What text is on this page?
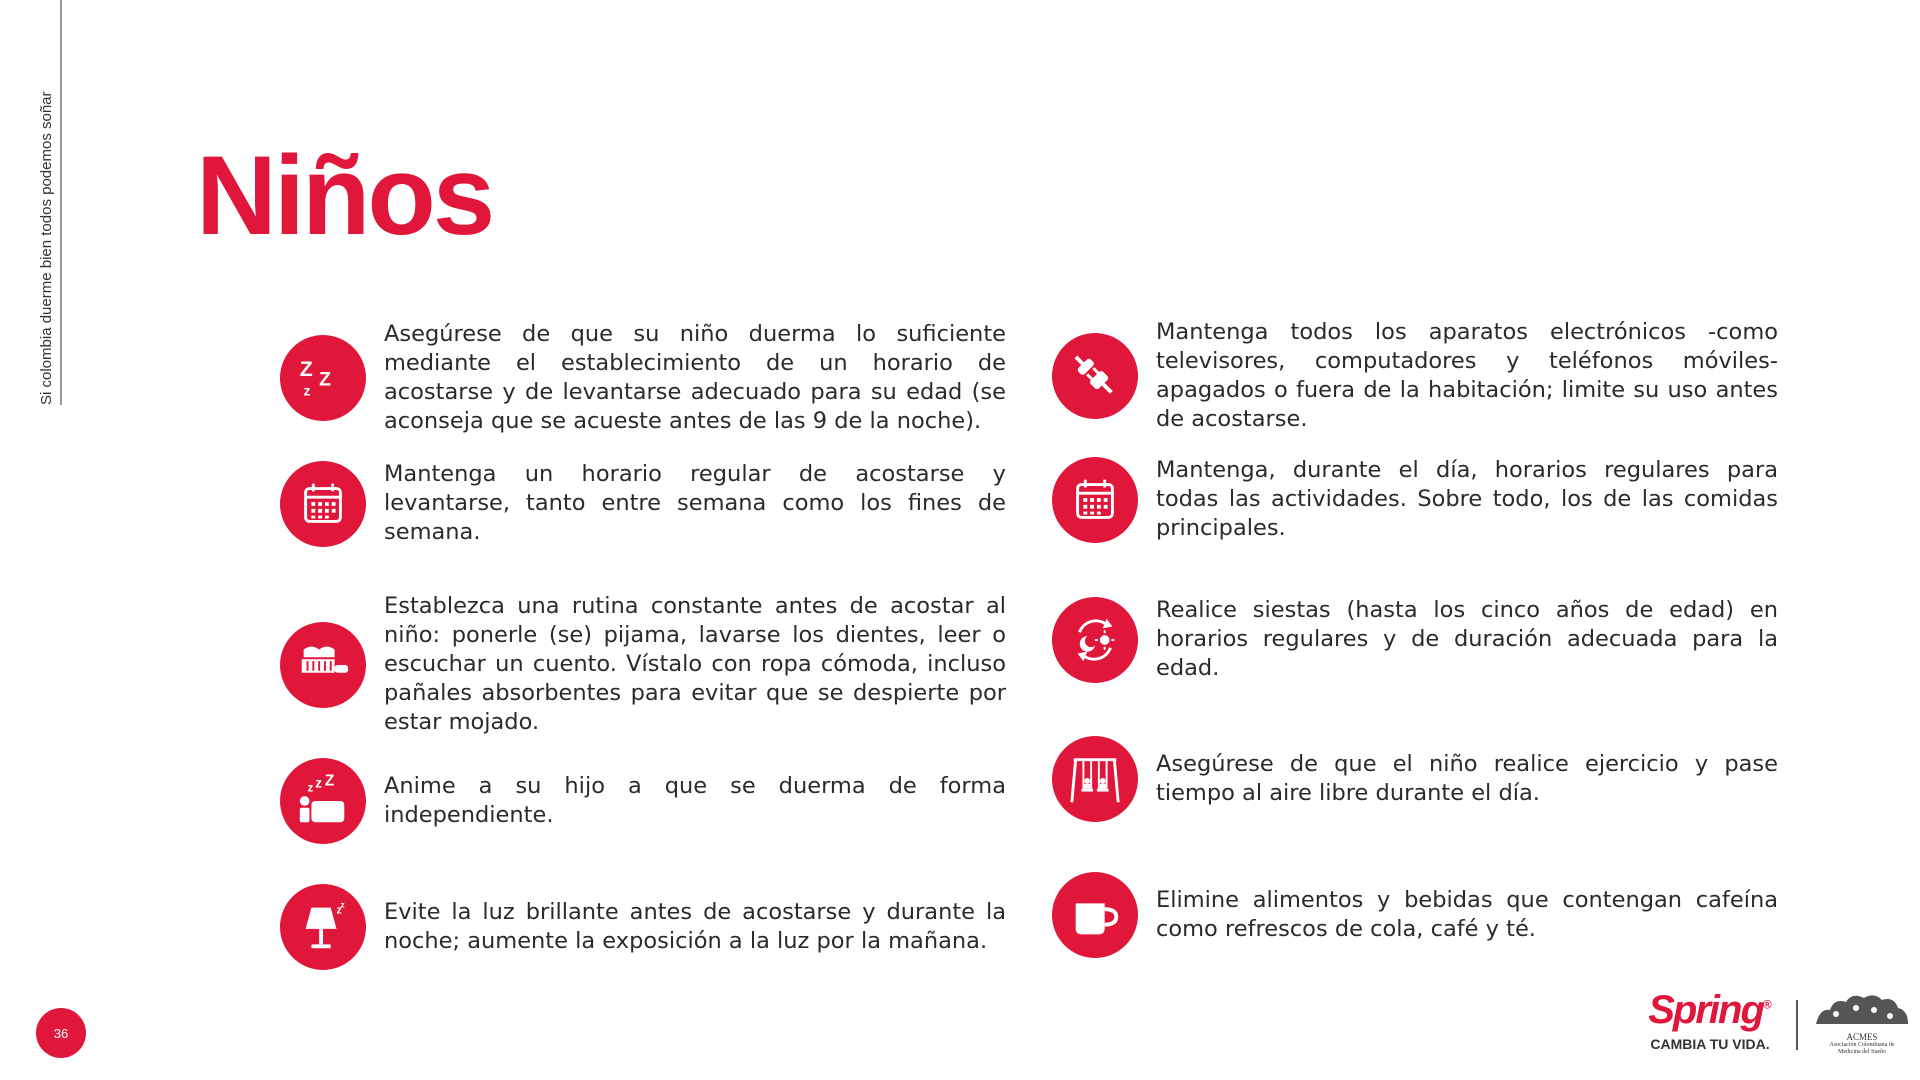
Si colombia duerme bien todos podemos soñar Niños
Z Z
z
Asegúrese de que su niño duerma lo suficiente mediante el establecimiento de un horario de acostarse y de levantarse adecuado para su edad (se aconseja que se acueste antes de las 9 de la noche).
Mantenga un horario regular de acostarse y levantarse, tanto entre semana como los fines de semana.
Establezca una rutina constante antes de acostar al niño: ponerle (se) pijama, lavarse los dientes, leer o escuchar un cuento. Vístalo con ropa cómoda, incluso pañales absorbentes para evitar que se despierte por estar mojado.
z z Z Anime a su hijo a que se duerma de forma independiente.
z
z Evite la luz brillante antes de acostarse y durante la noche; aumente la exposición a la luz por la mañana.
Mantenga todos los aparatos electrónicos -como televisores, computadores y teléfonos móviles- apagados o fuera de la habitación; limite su uso antes de acostarse.
Mantenga, durante el día, horarios regulares para todas las actividades. Sobre todo, los de las comidas principales.
Realice siestas (hasta los cinco años de edad) en horarios regulares y de duración adecuada para la edad.
Asegúrese de que el niño realice ejercicio y pase tiempo al aire libre durante el día.
Elimine alimentos y bebidas que contengan cafeína como refrescos de cola, café y té.
36
Spring®
CAMBIA TU VIDA.	ACMES
Asociación Colombiana de
Medicina del Sueño
